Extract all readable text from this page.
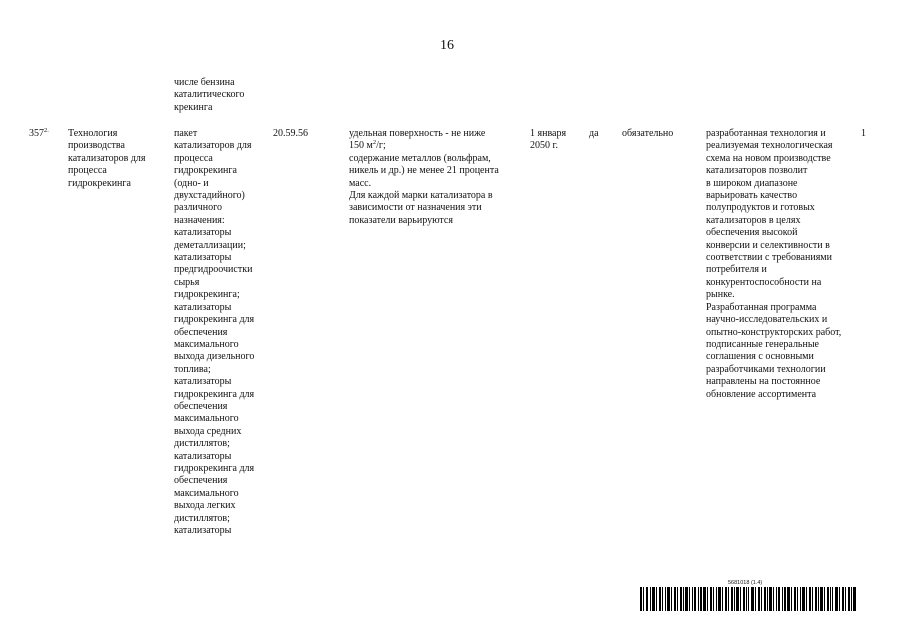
16
числе бензина
каталитического
крекинга
$357^{2.}$ Технология
производства
катализаторов для
процесса
гидрокрекинга
пакет
катализаторов для
процесса
гидрокрекинга
(одно- и
двухстадийного)
различного
назначения:
катализаторы
деметаллизации;
катализаторы
предгидроочистки
сырья
гидрокрекинга;
катализаторы
гидрокрекинга для
обеспечения
максимального
выхода дизельного
топлива;
катализаторы
гидрокрекинга для
обеспечения
максимального
выхода средних
дистиллятов;
катализаторы
гидрокрекинга для
обеспечения
максимального
выхода легких
дистиллятов;
катализаторы
20.59.56	удельная поверхность - не ниже
150 $м^2/г$;
содержание металлов (вольфрам,
никель и др.) не менее 21 процента
масс.
Для каждой марки катализатора в
зависимости от назначения эти
показатели варьируются
1 января
2050 г.
да обязательно	разработанная технология и
реализуемая технологическая
схема на новом производстве
катализаторов позволит
в широком диапазоне
варьировать качество
полупродуктов и готовых
катализаторов в целях
обеспечения высокой
конверсии и селективности в
соответствии с требованиями
потребителя и
конкурентоспособности на
рынке.
Разработанная программа
научно-исследовательских и
опытно-конструкторских работ,
подписанные генеральные
соглашения с основными
разработчиками технологии
направлены на постоянное
обновление ассортимента
1
5681018 (1.4)
